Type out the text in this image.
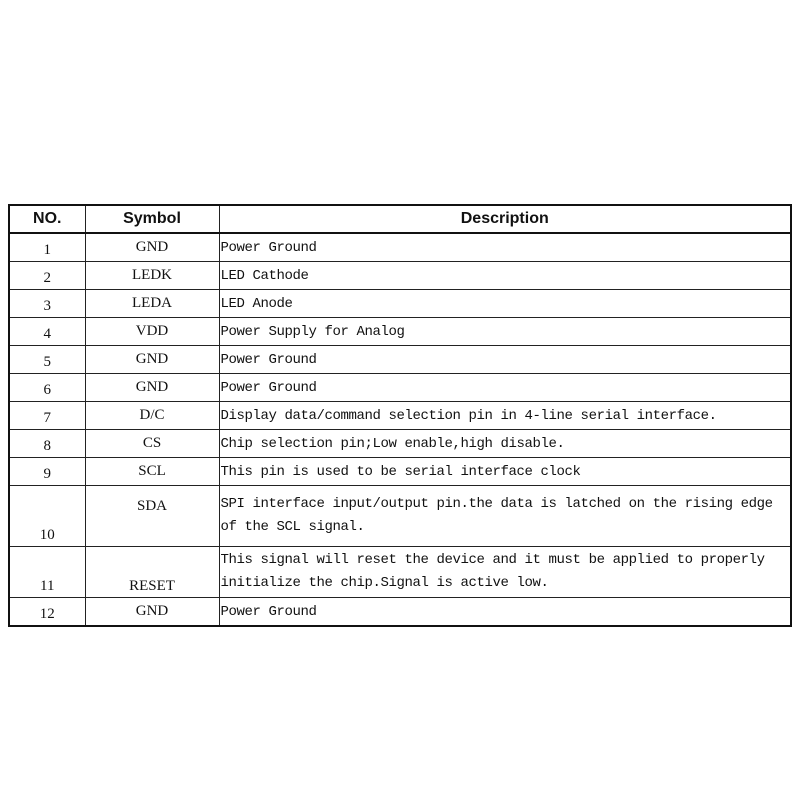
NO.	Symbol	Description
1	GND	Power Ground
2	LEDK	LED Cathode
3	LEDA	LED Anode
4	VDD	Power Supply for Analog
5	GND	Power Ground
6	GND	Power Ground
7	D/C	Display data/command selection pin in 4-line serial interface.
8	CS	Chip selection pin;Low enable,high disable.
9	SCL	This pin is used to be serial interface clock
10	SDA	SPI interface input/output pin.the data is latched on the rising edge of the SCL signal.
11	RESET	This signal will reset the device and it must be applied to properly initialize the chip.Signal is active low.
12	GND	Power Ground
